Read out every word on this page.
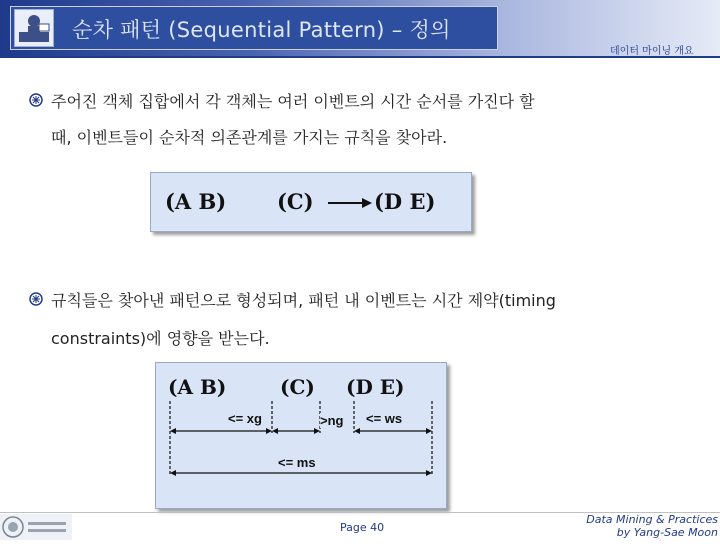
순차 패턴 (Sequential Pattern) – 정의
데이터 마이닝 개요
주어진 객체 집합에서 각 객체는 여러 이벤트의 시간 순서를 가진다 할
때, 이벤트들이 순차적 의존관계를 가지는 규칙을 찾아라.
(A B) (C)	(D E)
규칙들은 찾아낸 패턴으로 형성되며, 패턴 내 이벤트는 시간 제약(timing
constraints)에 영향을 받는다.
(A B)	(C) (D E)
<= xg	>ng <= ws
<= ms
Page 40
Data Mining & Practices
by Yang-Sae Moon
